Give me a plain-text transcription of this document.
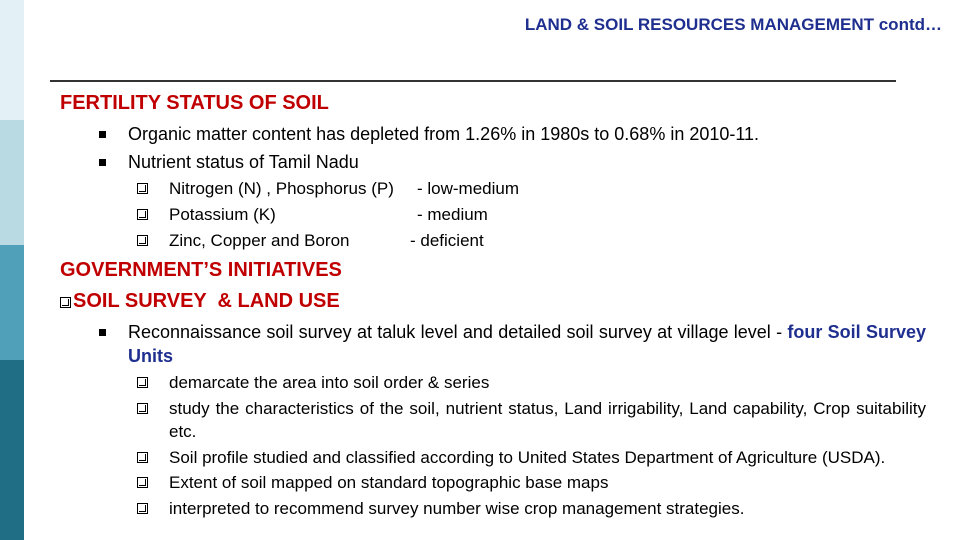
LAND & SOIL RESOURCES MANAGEMENT contd…
FERTILITY STATUS OF SOIL
Organic matter content has depleted from 1.26% in 1980s to 0.68% in 2010-11.
Nutrient status of Tamil Nadu
Nitrogen (N) , Phosphorus (P) - low-medium
Potassium (K)	- medium
Zinc, Copper and Boron	- deficient
GOVERNMENT’S INITIATIVES
SOIL SURVEY  & LAND USE
Reconnaissance soil survey at taluk level and detailed soil survey at village level - four Soil Survey Units
demarcate the area into soil order & series
study the characteristics of the soil, nutrient status, Land irrigability, Land capability, Crop suitability etc.
Soil profile studied and classified according to United States Department of Agriculture (USDA).
Extent of soil mapped on standard topographic base maps
interpreted to recommend survey number wise crop management strategies.
